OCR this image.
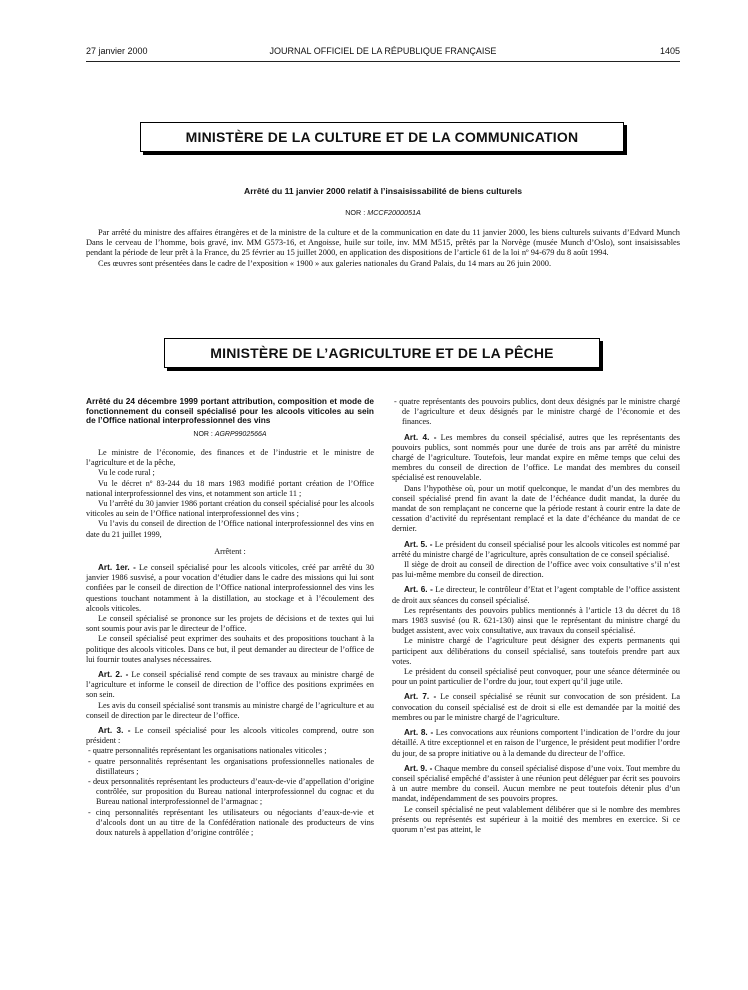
27 janvier 2000	JOURNAL OFFICIEL DE LA RÉPUBLIQUE FRANÇAISE	1405
MINISTÈRE DE LA CULTURE ET DE LA COMMUNICATION
Arrêté du 11 janvier 2000 relatif à l’insaisissabilité de biens culturels
NOR : MCCF2000051A

Par arrêté du ministre des affaires étrangères et de la ministre de la culture et de la communication en date du 11 janvier 2000, les biens culturels suivants d’Edvard Munch Dans le cerveau de l’homme, bois gravé, inv. MM G573-16, et Angoisse, huile sur toile, inv. MM M515, prêtés par la Norvège (musée Munch d’Oslo), sont insaisissables pendant la période de leur prêt à la France, du 25 février au 15 juillet 2000, en application des dispositions de l’article 61 de la loi nº 94-679 du 8 août 1994.

Ces œuvres sont présentées dans le cadre de l’exposition « 1900 » aux galeries nationales du Grand Palais, du 14 mars au 26 juin 2000.

MINISTÈRE DE L’AGRICULTURE ET DE LA PÊCHE

Arrêté du 24 décembre 1999 portant attribution, composition et mode de fonctionnement du conseil spécialisé pour les alcools viticoles au sein de l’Office national interprofessionnel des vins

NOR : AGRP9902566A

Le ministre de l’économie, des finances et de l’industrie et le ministre de l’agriculture et de la pêche,

Vu le code rural ;

Vu le décret nº 83-244 du 18 mars 1983 modifié portant création de l’Office national interprofessionnel des vins, et notamment son article 11 ;

Vu l’arrêté du 30 janvier 1986 portant création du conseil spécialisé pour les alcools viticoles au sein de l’Office national interprofessionnel des vins ;

Vu l’avis du conseil de direction de l’Office national interprofessionnel des vins en date du 21 juillet 1999,

Arrêtent :

Art. 1er. - Le conseil spécialisé pour les alcools viticoles, créé par arrêté du 30 janvier 1986 susvisé, a pour vocation d’étudier dans le cadre des missions qui lui sont confiées par le conseil de direction de l’Office national interprofessionnel des vins les questions touchant notamment à la distillation, au stockage et à l’écoulement des alcools viticoles.

Le conseil spécialisé se prononce sur les projets de décisions et de textes qui lui sont soumis pour avis par le directeur de l’office.

Le conseil spécialisé peut exprimer des souhaits et des propositions touchant à la politique des alcools viticoles. Dans ce but, il peut demander au directeur de l’office de lui fournir toutes analyses nécessaires.

Art. 2. - Le conseil spécialisé rend compte de ses travaux au ministre chargé de l’agriculture et informe le conseil de direction de l’office des positions exprimées en son sein.

Les avis du conseil spécialisé sont transmis au ministre chargé de l’agriculture et au conseil de direction par le directeur de l’office.

Art. 3. - Le conseil spécialisé pour les alcools viticoles comprend, outre son président :

- quatre personnalités représentant les organisations nationales viticoles ;
- quatre personnalités représentant les organisations professionnelles nationales de distillateurs ;
- deux personnalités représentant les producteurs d’eaux-de-vie d’appellation d’origine contrôlée, sur proposition du Bureau national interprofessionnel du cognac et du Bureau national interprofessionnel de l’armagnac ;
- cinq personnalités représentant les utilisateurs ou négociants d’eaux-de-vie et d’alcools dont un au titre de la Confédération nationale des producteurs de vins doux naturels à appellation d’origine contrôlée ;
- quatre représentants des pouvoirs publics, dont deux désignés par le ministre chargé de l’agriculture et deux désignés par le ministre chargé de l’économie et des finances.

Art. 4. - Les membres du conseil spécialisé, autres que les représentants des pouvoirs publics, sont nommés pour une durée de trois ans par arrêté du ministre chargé de l’agriculture. Toutefois, leur mandat expire en même temps que celui des membres du conseil de direction de l’office. Le mandat des membres du conseil spécialisé est renouvelable.

Dans l’hypothèse où, pour un motif quelconque, le mandat d’un des membres du conseil spécialisé prend fin avant la date de l’échéance dudit mandat, la durée du mandat de son remplaçant ne concerne que la période restant à courir entre la date de cessation d’activité du représentant remplacé et la date d’échéance du mandat de ce dernier.

Art. 5. - Le président du conseil spécialisé pour les alcools viticoles est nommé par arrêté du ministre chargé de l’agriculture, après consultation de ce conseil spécialisé.

Il siège de droit au conseil de direction de l’office avec voix consultative s’il n’est pas lui-même membre du conseil de direction.

Art. 6. - Le directeur, le contrôleur d’Etat et l’agent comptable de l’office assistent de droit aux séances du conseil spécialisé.

Les représentants des pouvoirs publics mentionnés à l’article 13 du décret du 18 mars 1983 susvisé (ou R. 621-130) ainsi que le représentant du ministre chargé du budget assistent, avec voix consultative, aux travaux du conseil spécialisé.

Le ministre chargé de l’agriculture peut désigner des experts permanents qui participent aux délibérations du conseil spécialisé, sans toutefois prendre part aux votes.

Le président du conseil spécialisé peut convoquer, pour une séance déterminée ou pour un point particulier de l’ordre du jour, tout expert qu’il juge utile.

Art. 7. - Le conseil spécialisé se réunit sur convocation de son président. La convocation du conseil spécialisé est de droit si elle est demandée par la moitié des membres ou par le ministre chargé de l’agriculture.

Art. 8. - Les convocations aux réunions comportent l’indication de l’ordre du jour détaillé. A titre exceptionnel et en raison de l’urgence, le président peut modifier l’ordre du jour, de sa propre initiative ou à la demande du directeur de l’office.

Art. 9. - Chaque membre du conseil spécialisé dispose d’une voix. Tout membre du conseil spécialisé empêché d’assister à une réunion peut déléguer par écrit ses pouvoirs à un autre membre du conseil. Aucun membre ne peut toutefois détenir plus d’un mandat, indépendamment de ses pouvoirs propres.

Le conseil spécialisé ne peut valablement délibérer que si le nombre des membres présents ou représentés est supérieur à la moitié des membres en exercice. Si ce quorum n’est pas atteint, le
